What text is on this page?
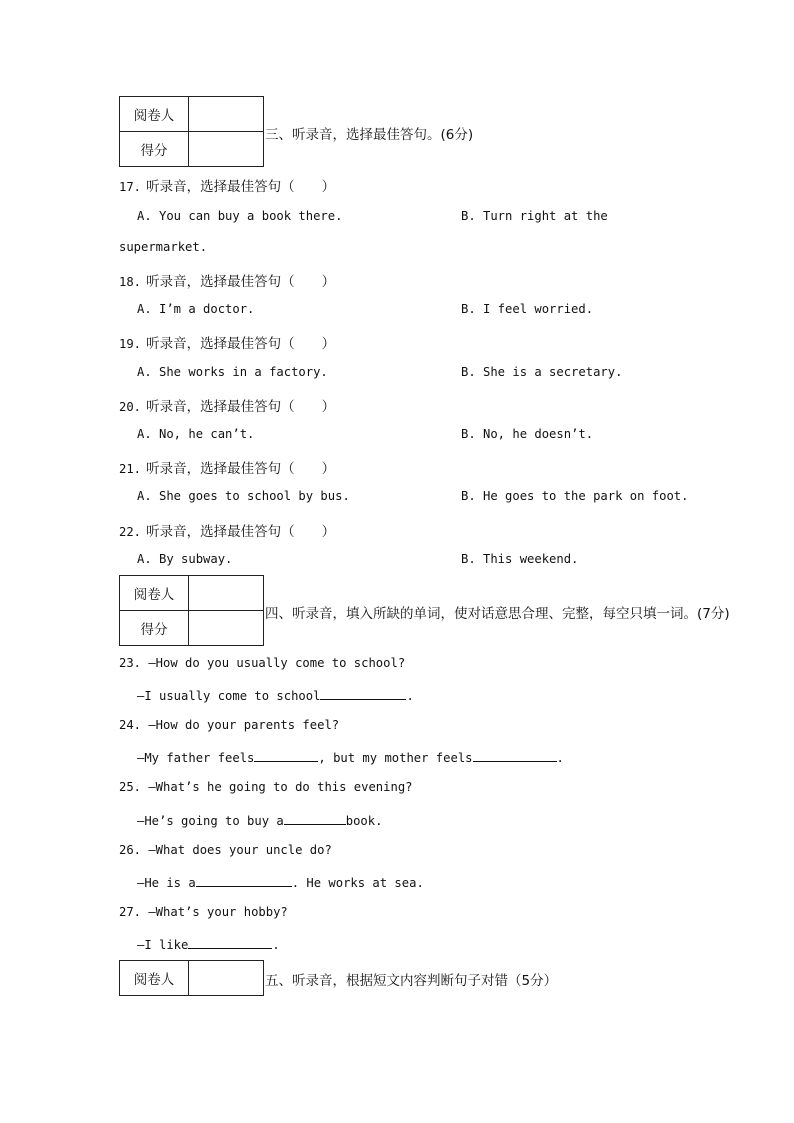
阅卷人	
得分	
三、听录音，选择最佳答句。(6分)
17. 听录音，选择最佳答句（　　）
A. You can buy a book there.	B. Turn right at the
supermarket.
18. 听录音，选择最佳答句（　　）
A. I’m a doctor.	B. I feel worried.
19. 听录音，选择最佳答句（　　）
A. She works in a factory.	B. She is a secretary.
20. 听录音，选择最佳答句（　　）
A. No, he can’t.	B. No, he doesn’t.
21. 听录音，选择最佳答句（　　）
A. She goes to school by bus.	B. He goes to the park on foot.
22. 听录音，选择最佳答句（　　）
A. By subway.	B. This weekend.
阅卷人	
得分	
四、听录音，填入所缺的单词，使对话意思合理、完整，每空只填一词。(7分)
23. —How do you usually come to school?
—I usually come to school	.
24. —How do your parents feel?
—My father feels	, but my mother feels	.
25. —What’s he going to do this evening?
—He’s going to buy a	book.
26. —What does your uncle do?
—He is a	. He works at sea.
27. —What’s your hobby?
—I like	.
阅卷人		五、听录音，根据短文内容判断句子对错（5分）
